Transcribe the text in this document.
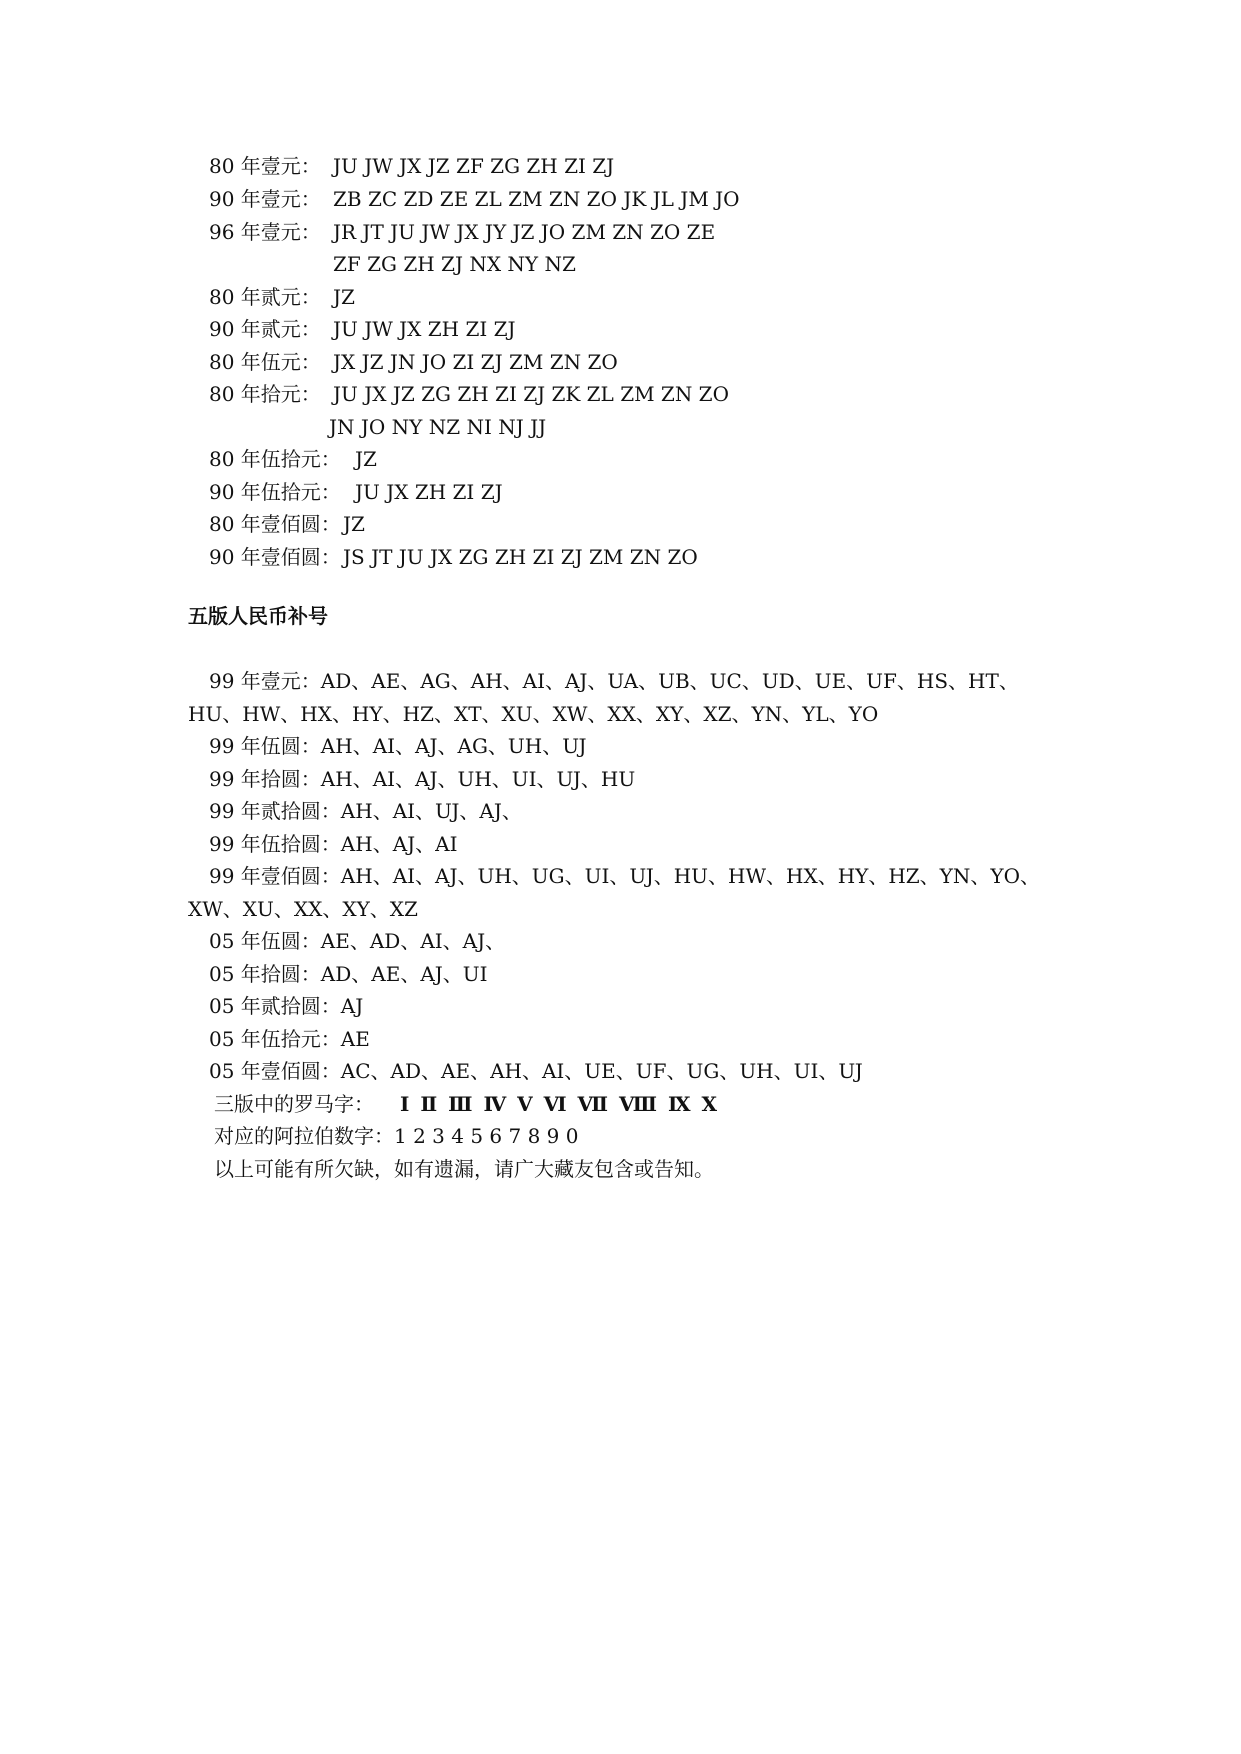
80 年壹元： JU JW JX JZ ZF ZG ZH ZI ZJ
90 年壹元： ZB ZC ZD ZE ZL ZM ZN ZO JK JL JM JO
96 年壹元： JR JT JU JW JX JY JZ JO ZM ZN ZO ZE
ZF ZG ZH ZJ NX NY NZ
80 年贰元： JZ
90 年贰元： JU JW JX ZH ZI ZJ
80 年伍元： JX JZ JN JO ZI ZJ ZM ZN ZO
80 年拾元： JU JX JZ ZG ZH ZI ZJ ZK ZL ZM ZN ZO
JN JO NY NZ NI NJ JJ
80 年伍拾元： JZ
90 年伍拾元： JU JX ZH ZI ZJ
80 年壹佰圆： JZ
90 年壹佰圆： JS JT JU JX ZG ZH ZI ZJ ZM ZN ZO
五版人民币补号
99 年壹元：AD、AE、AG、AH、AI、AJ、UA、UB、UC、UD、UE、UF、HS、HT、
HU、HW、HX、HY、HZ、XT、XU、XW、XX、XY、XZ、YN、YL、YO
99 年伍圆：AH、AI、AJ、AG、UH、UJ
99 年拾圆：AH、AI、AJ、UH、UI、UJ、HU
99 年贰拾圆：AH、AI、UJ、AJ、
99 年伍拾圆：AH、AJ、AI
99 年壹佰圆：AH、AI、AJ、UH、UG、UI、UJ、HU、HW、HX、HY、HZ、YN、YO、
XW、XU、XX、XY、XZ
05 年伍圆：AE、AD、AI、AJ、
05 年拾圆：AD、AE、AJ、UI
05 年贰拾圆：AJ
05 年伍拾元：AE
05 年壹佰圆：AC、AD、AE、AH、AI、UE、UF、UG、UH、UI、UJ
三版中的罗马字： Ⅰ Ⅱ Ⅲ Ⅳ Ⅴ Ⅵ Ⅶ Ⅷ Ⅸ Ⅹ
对应的阿拉伯数字：1 2 3 4 5 6 7 8 9 0
以上可能有所欠缺，如有遗漏，请广大藏友包含或告知。
